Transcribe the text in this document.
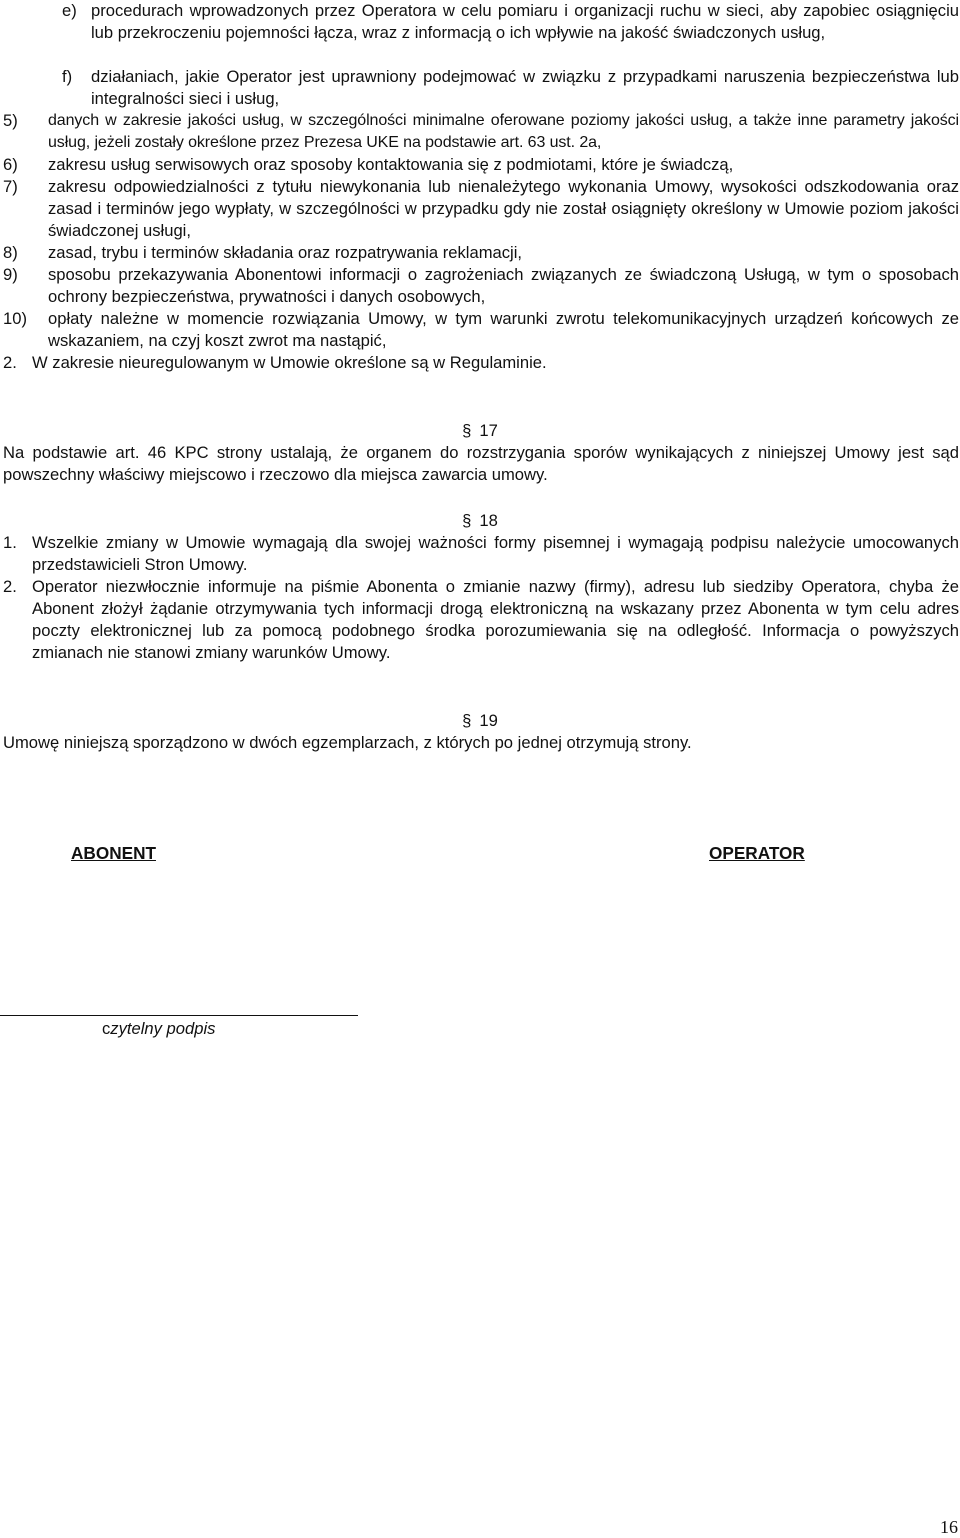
e) procedurach wprowadzonych przez Operatora w celu pomiaru i organizacji ruchu w sieci, aby zapobiec osiągnięciu lub przekroczeniu pojemności łącza, wraz z informacją o ich wpływie na jakość świadczonych usług,
f)	działaniach, jakie Operator jest uprawniony podejmować w związku z przypadkami naruszenia bezpieczeństwa lub integralności sieci i usług,
5)	danych w zakresie jakości usług, w szczególności minimalne oferowane poziomy jakości usług, a także inne parametry jakości usług, jeżeli zostały określone przez Prezesa UKE na podstawie art. 63 ust. 2a,
6)	zakresu usług serwisowych oraz sposoby kontaktowania się z podmiotami, które je świadczą,
7)	zakresu odpowiedzialności z tytułu niewykonania lub nienależytego wykonania Umowy, wysokości odszkodowania oraz zasad i terminów jego wypłaty, w szczególności w przypadku gdy nie został osiągnięty określony w Umowie poziom jakości świadczonej usługi,
8)	zasad, trybu i terminów składania oraz rozpatrywania reklamacji,
9)	sposobu przekazywania Abonentowi informacji o zagrożeniach związanych ze świadczoną Usługą, w tym o sposobach ochrony bezpieczeństwa, prywatności i danych osobowych,
10)	opłaty należne w momencie rozwiązania Umowy, w tym warunki zwrotu telekomunikacyjnych urządzeń końcowych ze wskazaniem, na czyj koszt zwrot ma nastąpić,
2. W zakresie nieuregulowanym w Umowie określone są w Regulaminie.
§ 17
Na podstawie art. 46 KPC strony ustalają, że organem do rozstrzygania sporów wynikających z niniejszej Umowy jest sąd powszechny właściwy miejscowo i rzeczowo dla miejsca zawarcia umowy.
§ 18
1. Wszelkie zmiany w Umowie wymagają dla swojej ważności formy pisemnej i wymagają podpisu należycie umocowanych przedstawicieli Stron Umowy.
2. Operator niezwłocznie informuje na piśmie Abonenta o zmianie nazwy (firmy), adresu lub siedziby Operatora, chyba że Abonent złożył żądanie otrzymywania tych informacji drogą elektroniczną na wskazany przez Abonenta w tym celu adres poczty elektronicznej lub za pomocą podobnego środka porozumiewania się na odległość. Informacja o powyższych zmianach nie stanowi zmiany warunków Umowy.
§ 19
Umowę niniejszą sporządzono w dwóch egzemplarzach, z których po jednej otrzymują strony.
ABONENT	OPERATOR
czytelny podpis
16
